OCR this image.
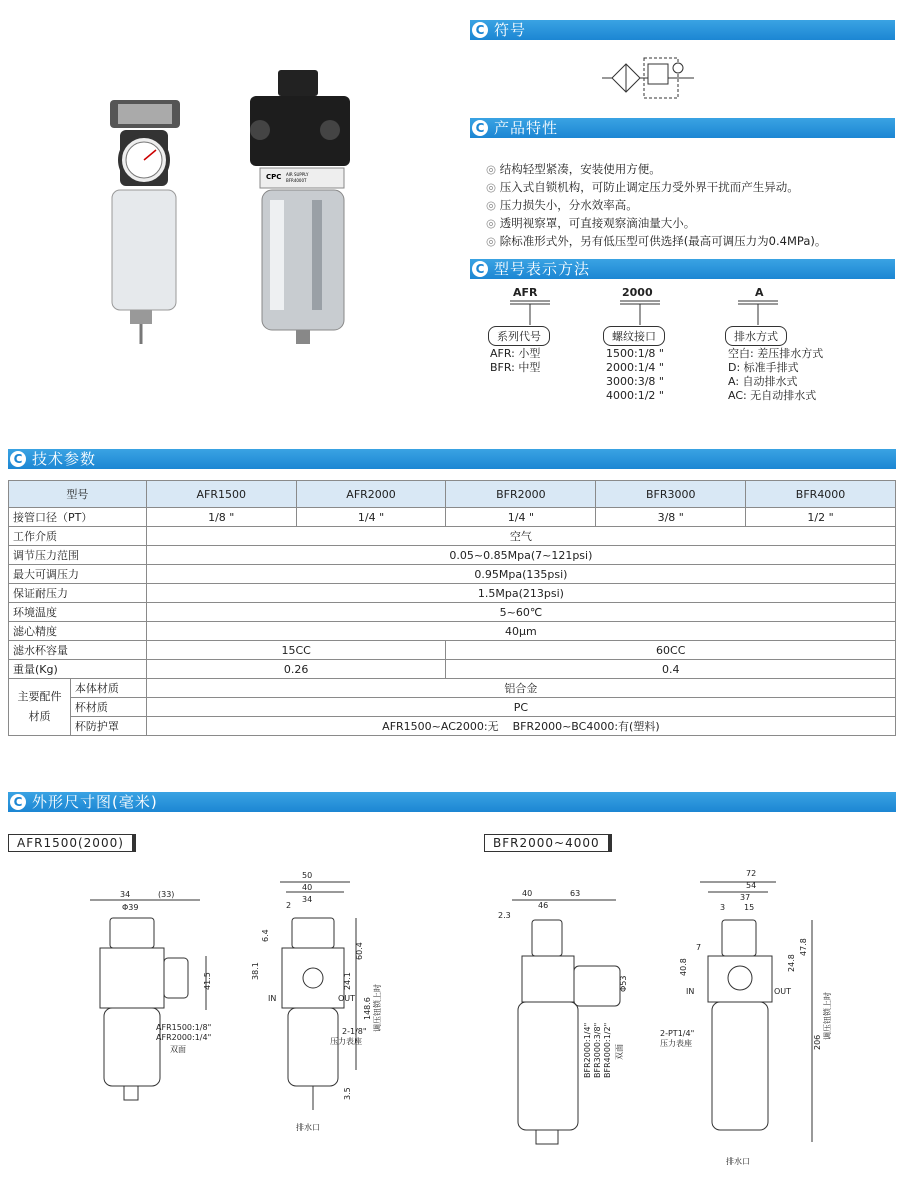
CPC AIR SUPPLY
BFR4000T
C 符号
C 产品特性
◎ 结构轻型紧凑，安装使用方便。
◎ 压入式自锁机构，可防止调定压力受外界干扰而产生异动。
◎ 压力损失小，分水效率高。
◎ 透明视察罩，可直接观察滴油量大小。
◎ 除标准形式外，另有低压型可供选择(最高可调压力为0.4MPa)。
C 型号表示方法
AFR	2000	A
系列代号	螺纹接口	排水方式
AFR: 小型
BFR: 中型
1500:1/8 "
2000:1/4 "
3000:3/8 "
4000:1/2 "
空白: 差压排水方式
D: 标准手排式
A: 自动排水式
AC: 无自动排水式
C 技术参数
型号		AFR1500	AFR2000	BFR2000	BFR3000	BFR4000
接管口径（PT）		1/8 "	1/4 "	1/4 "	3/8 "	1/2 "
工作介质		空气				
调节压力范围		0.05~0.85Mpa(7~121psi)				
最大可调压力		0.95Mpa(135psi)				
保证耐压力		1.5Mpa(213psi)				
环境温度		5~60℃				
滤心精度		40μm				
滤水杯容量		15CC		60CC		
重量(Kg)		0.26		0.4		

主要配件
材质	本体材质	铝合金				
	杯材质	PC				
	杯防护罩	AFR1500~AC2000:无    BFR2000~BC4000:有(塑料)				
C 外形尺寸图(毫米)
AFR1500(2000)	BFR2000~4000
34	(33)
Φ39
41.5
AFR1500:1/8"
AFR2000:1/4"
双面
50
40
34
2
6.4
38.1
60.4
24.1
148.6
IN	OUT
2-1/8"
压力表座
调压钮锁上时
3.5
排水口
40
46
63
2.3
Φ53
BFR2000:1/4" BFR3000:3/8" BFR4000:1/2" 双面
72
54
37
3 15
7
40.8	24.8
47.8
206
IN	OUT
2-PT1/4"
压力表座
调压钮锁上时
排水口
